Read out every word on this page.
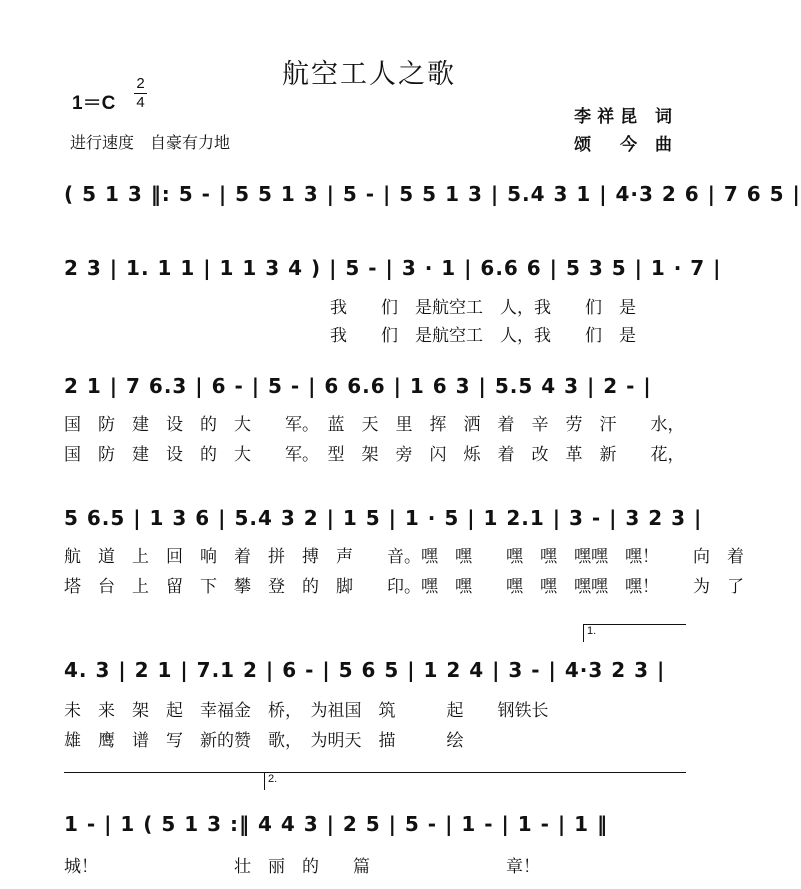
航空工人之歌
1＝C
2
4
进行速度　自豪有力地
李祥昆 词
颂　今 曲
( 5 1 3 ‖: 5 - | 5 5 1 3 | 5 - | 5 5 1 3 | 5.4 3 1 | 4·3 2 6 | 7 6 5 |
2 3 | 1. 1 1 | 1 1 3 4 ) | 5 - | 3 · 1 | 6.6 6 | 5 3 5 | 1 · 7 |
我　　们　是航空工　人，我　　们　是
我　　们　是航空工　人，我　　们　是
2 1 | 7 6.3 | 6 - | 5 - | 6 6.6 | 1 6 3 | 5.5 4 3 | 2 - |
国　防　建　设　的　大　　军。　蓝　天　里　挥　洒　着　辛　劳　汗　　水，
国　防　建　设　的　大　　军。　型　架　旁　闪　烁　着　改　革　新　　花，
5 6.5 | 1 3 6 | 5.4 3 2 | 1 5 | 1 · 5 | 1 2.1 | 3 - | 3 2 3 |
航　道　上　回　响　着　拼　搏　声　　音。嘿　嘿　　嘿　嘿　嘿嘿　嘿！　　向　着
塔　台　上　留　下　攀　登　的　脚　　印。嘿　嘿　　嘿　嘿　嘿嘿　嘿！　　为　了
1.
4. 3 | 2 1 | 7.1 2 | 6 - | 5 6 5 | 1 2 4 | 3 - | 4·3 2 3 |
未　来　架　起　幸福金　桥，　为祖国　筑　　　起　　钢铁长
雄　鹰　谱　写　新的赞　歌，　为明天　描　　　绘
2.
1 - | 1 ( 5 1 3 :‖ 4 4 3 | 2 5 | 5 - | 1 - | 1 - | 1 ‖
城！　　　　　　　　壮　丽　的　　篇　　　　　　　　章！
